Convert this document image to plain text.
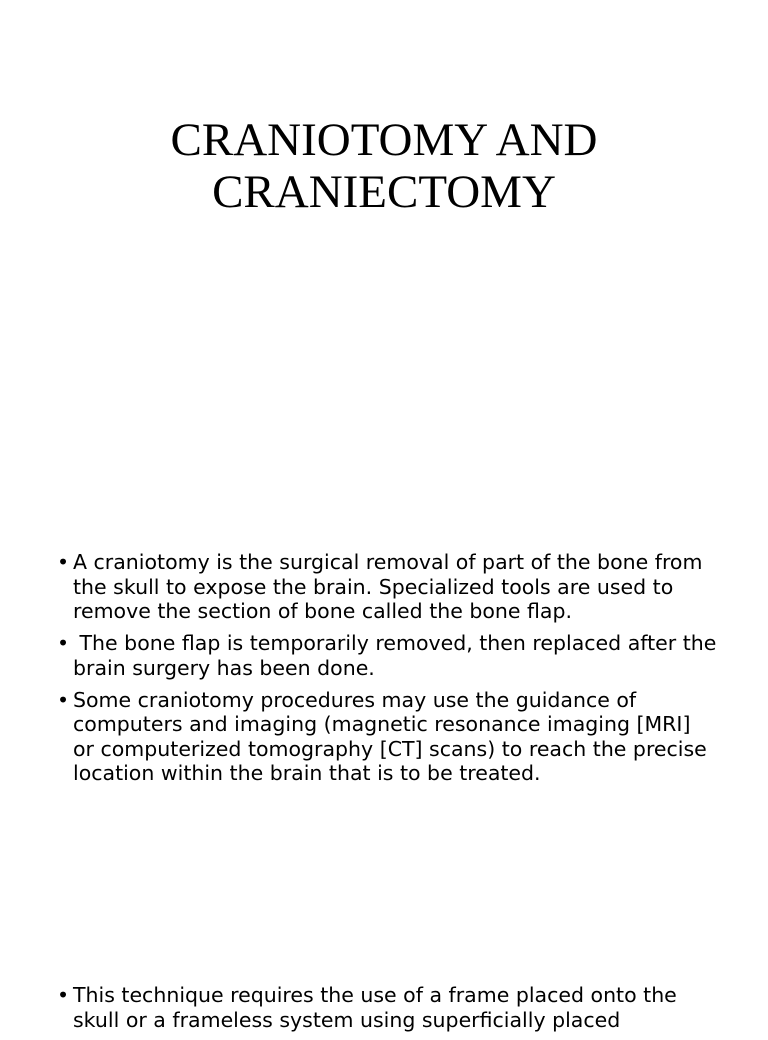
CRANIOTOMY AND
CRANIECTOMY
• A craniotomy is the surgical removal of part of the bone from the skull to expose the brain. Specialized tools are used to remove the section of bone called the bone flap.
• The bone flap is temporarily removed, then replaced after the brain surgery has been done.
• Some craniotomy procedures may use the guidance of computers and imaging (magnetic resonance imaging [MRI] or computerized tomography [CT] scans) to reach the precise location within the brain that is to be treated.
• This technique requires the use of a frame placed onto the skull or a frameless system using superficially placed
